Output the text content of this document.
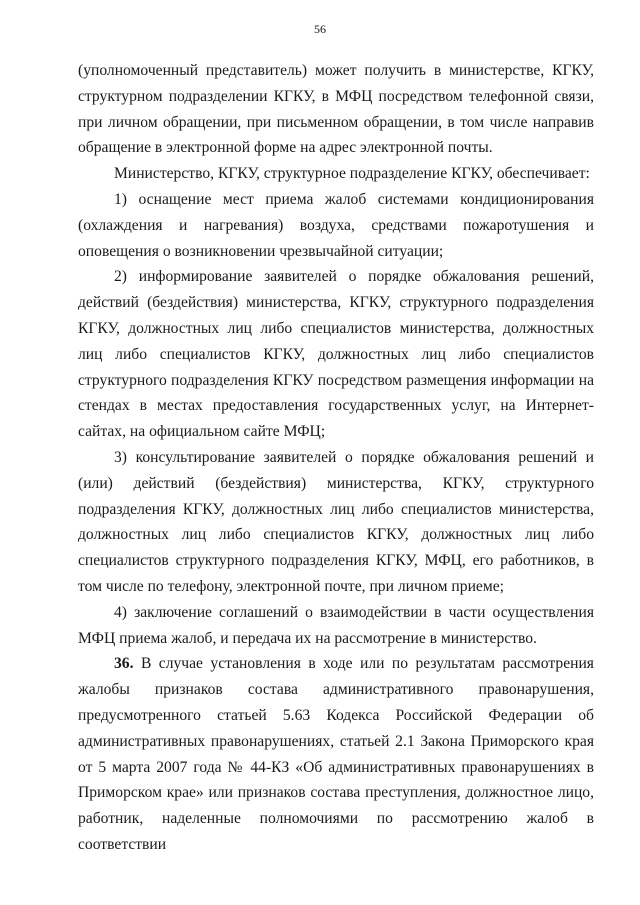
56

(уполномоченный представитель) может получить в министерстве, КГКУ, структурном подразделении КГКУ, в МФЦ посредством телефонной связи, при личном обращении, при письменном обращении, в том числе направив обращение в электронной форме на адрес электронной почты.

Министерство, КГКУ, структурное подразделение КГКУ, обеспечивает:

1) оснащение мест приема жалоб системами кондиционирования (охлаждения и нагревания) воздуха, средствами пожаротушения и оповещения о возникновении чрезвычайной ситуации;

2) информирование заявителей о порядке обжалования решений, действий (бездействия) министерства, КГКУ, структурного подразделения КГКУ, должностных лиц либо специалистов министерства, должностных лиц либо специалистов КГКУ, должностных лиц либо специалистов структурного подразделения КГКУ посредством размещения информации на стендах в местах предоставления государственных услуг, на Интернет-сайтах, на официальном сайте МФЦ;

3) консультирование заявителей о порядке обжалования решений и (или) действий (бездействия) министерства, КГКУ, структурного подразделения КГКУ, должностных лиц либо специалистов министерства, должностных лиц либо специалистов КГКУ, должностных лиц либо специалистов структурного подразделения КГКУ, МФЦ, его работников, в том числе по телефону, электронной почте, при личном приеме;

4) заключение соглашений о взаимодействии в части осуществления МФЦ приема жалоб, и передача их на рассмотрение в министерство.

36. В случае установления в ходе или по результатам рассмотрения жалобы признаков состава административного правонарушения, предусмотренного статьей 5.63 Кодекса Российской Федерации об административных правонарушениях, статьей 2.1 Закона Приморского края от 5 марта 2007 года № 44-КЗ «Об административных правонарушениях в Приморском крае» или признаков состава преступления, должностное лицо, работник, наделенные полномочиями по рассмотрению жалоб в соответствии
